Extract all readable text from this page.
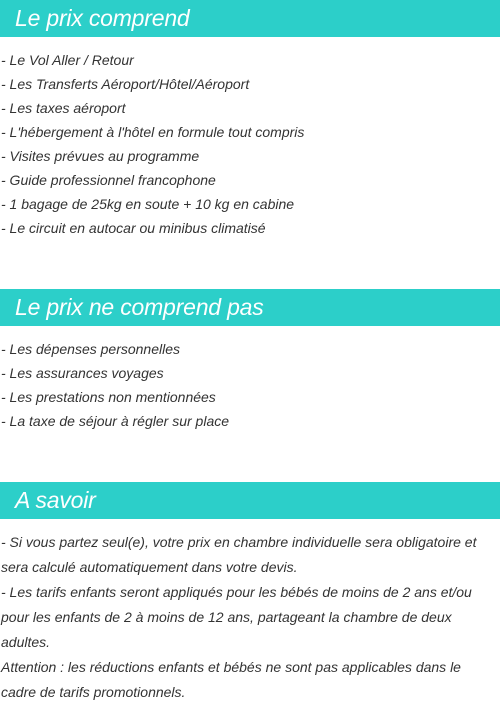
Le prix comprend
- Le Vol Aller / Retour
- Les Transferts Aéroport/Hôtel/Aéroport
- Les taxes aéroport
- L'hébergement à l'hôtel en formule tout compris
- Visites prévues au programme
- Guide professionnel francophone
- 1 bagage de 25kg en soute + 10 kg en cabine
- Le circuit en autocar ou minibus climatisé
Le prix ne comprend pas
- Les dépenses personnelles
- Les assurances voyages
- Les prestations non mentionnées
- La taxe de séjour à régler sur place
A savoir
- Si vous partez seul(e), votre prix en chambre individuelle sera obligatoire et sera calculé automatiquement dans votre devis.
- Les tarifs enfants seront appliqués pour les bébés de moins de 2 ans et/ou pour les enfants de 2 à moins de 12 ans, partageant la chambre de deux adultes.
Attention : les réductions enfants et bébés ne sont pas applicables dans le cadre de tarifs promotionnels.
